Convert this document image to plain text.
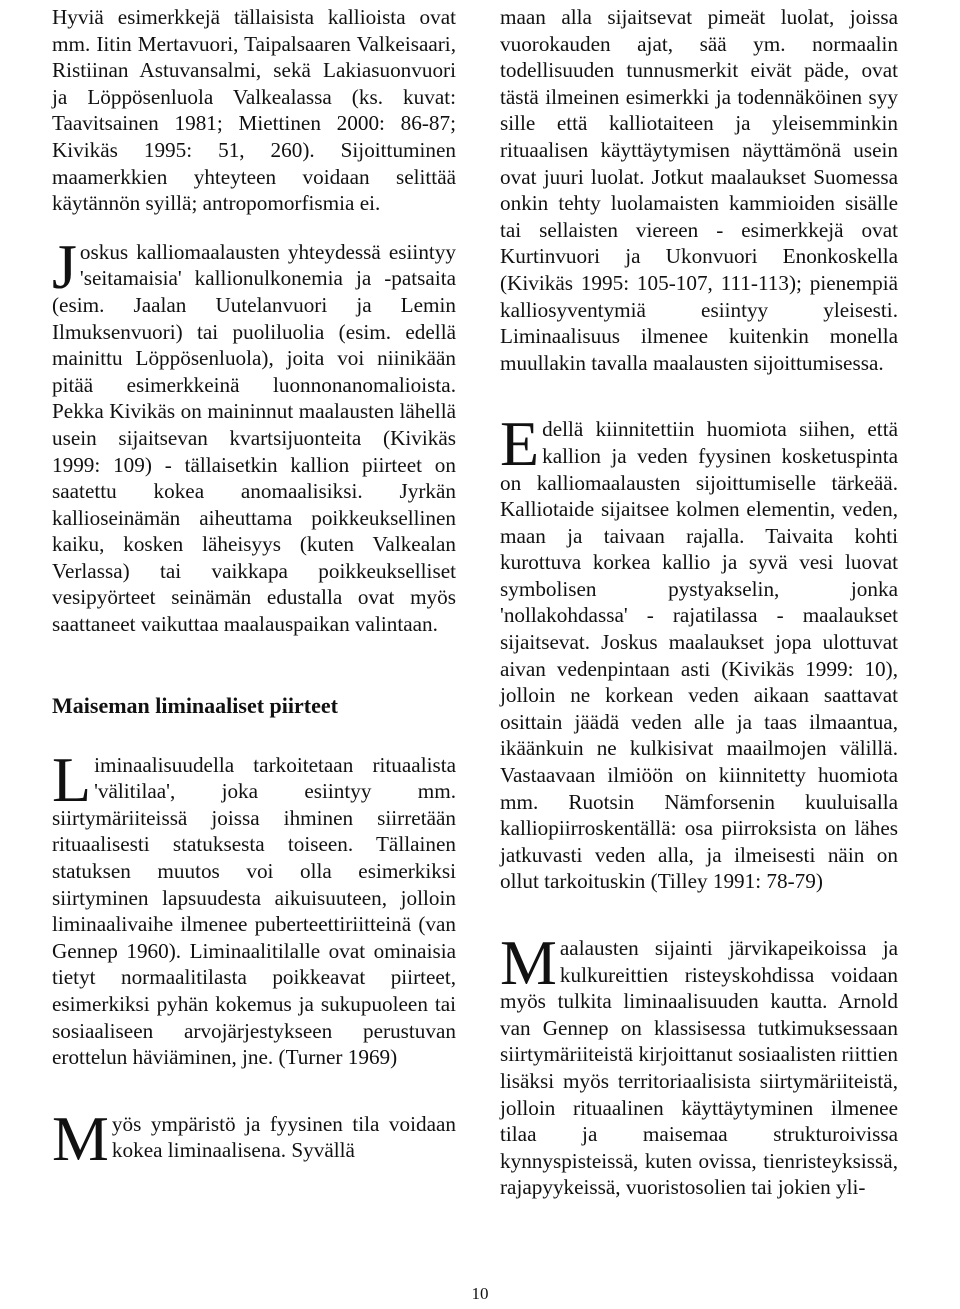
Hyviä esimerkkejä tällaisista kallioista ovat mm. Iitin Mertavuori, Taipalsaaren Valkeisaari, Ristiinan Astuvansalmi, sekä Lakiasuonvuori ja Löppösenluola Valkealassa (ks. kuvat: Taavitsainen 1981; Miettinen 2000: 86-87; Kivikäs 1995: 51, 260). Sijoittuminen maamerkkien yhteyteen voidaan selittää käytännön syillä; antropomorfismia ei.

Joskus kalliomaalausten yhteydessä esiintyy 'seitamaisia' kallionulkonemia ja -patsaita (esim. Jaalan Uutelanvuori ja Lemin Ilmuksenvuori) tai puoliluolia (esim. edellä mainittu Löppösenluola), joita voi niinikään pitää esimerkkeinä luonnonanomalioista. Pekka Kivikäs on maininnut maalausten lähellä usein sijaitsevan kvartsijuonteita (Kivikäs 1999: 109) - tällaisetkin kallion piirteet on saatettu kokea anomaalisiksi. Jyrkän kallioseinämän aiheuttama poikkeuksellinen kaiku, kosken läheisyys (kuten Valkealan Verlassa) tai vaikkapa poikkeukselliset vesipyörteet seinämän edustalla ovat myös saattaneet vaikuttaa maalauspaikan valintaan.

Maiseman liminaaliset piirteet

Liminaalisuudella tarkoitetaan rituaalista 'välitilaa', joka esiintyy mm. siirtymäriiteissä joissa ihminen siirretään rituaalisesti statuksesta toiseen. Tällainen statuksen muutos voi olla esimerkiksi siirtyminen lapsuudesta aikuisuuteen, jolloin liminaalivaihe ilmenee puberteettiriitteinä (van Gennep 1960). Liminaalitilalle ovat ominaisia tietyt normaalitilasta poikkeavat piirteet, esimerkiksi pyhän kokemus ja sukupuoleen tai sosiaaliseen arvojärjestykseen perustuvan erottelun häviäminen, jne. (Turner 1969)

Myös ympäristö ja fyysinen tila voidaan kokea liminaalisena. Syvällä

maan alla sijaitsevat pimeät luolat, joissa vuorokauden ajat, sää ym. normaalin todellisuuden tunnusmerkit eivät päde, ovat tästä ilmeinen esimerkki ja todennäköinen syy sille että kalliotaiteen ja yleisemminkin rituaalisen käyttäytymisen näyttämönä usein ovat juuri luolat. Jotkut maalaukset Suomessa onkin tehty luolamaisten kammioiden sisälle tai sellaisten viereen - esimerkkejä ovat Kurtinvuori ja Ukonvuori Enonkoskella (Kivikäs 1995: 105-107, 111-113); pienempiä kalliosyventymiä esiintyy yleisesti. Liminaalisuus ilmenee kuitenkin monella muullakin tavalla maalausten sijoittumisessa.

Edellä kiinnitettiin huomiota siihen, että kallion ja veden fyysinen kosketuspinta on kalliomaalausten sijoittumiselle tärkeää. Kalliotaide sijaitsee kolmen elementin, veden, maan ja taivaan rajalla. Taivaita kohti kurottuva korkea kallio ja syvä vesi luovat symbolisen pystyakselin, jonka 'nollakohdassa' - rajatilassa - maalaukset sijaitsevat. Joskus maalaukset jopa ulottuvat aivan vedenpintaan asti (Kivikäs 1999: 10), jolloin ne korkean veden aikaan saattavat osittain jäädä veden alle ja taas ilmaantua, ikäänkuin ne kulkisivat maailmojen välillä. Vastaavaan ilmiöön on kiinnitetty huomiota mm. Ruotsin Nämforsenin kuuluisalla kalliopiirroskentällä: osa piirroksista on lähes jatkuvasti veden alla, ja ilmeisesti näin on ollut tarkoituskin (Tilley 1991: 78-79)

Maalausten sijainti järvikapeikoissa ja kulkureittien risteyskohdissa voidaan myös tulkita liminaalisuuden kautta. Arnold van Gennep on klassisessa tutkimuksessaan siirtymäriiteistä kirjoittanut sosiaalisten riittien lisäksi myös territoriaalisista siirtymäriiteistä, jolloin rituaalinen käyttäytyminen ilmenee tilaa ja maisemaa strukturoivissa kynnyspisteissä, kuten ovissa, tienristeyksissä, rajapyykeissä, vuoristosolien tai jokien yli-

10
